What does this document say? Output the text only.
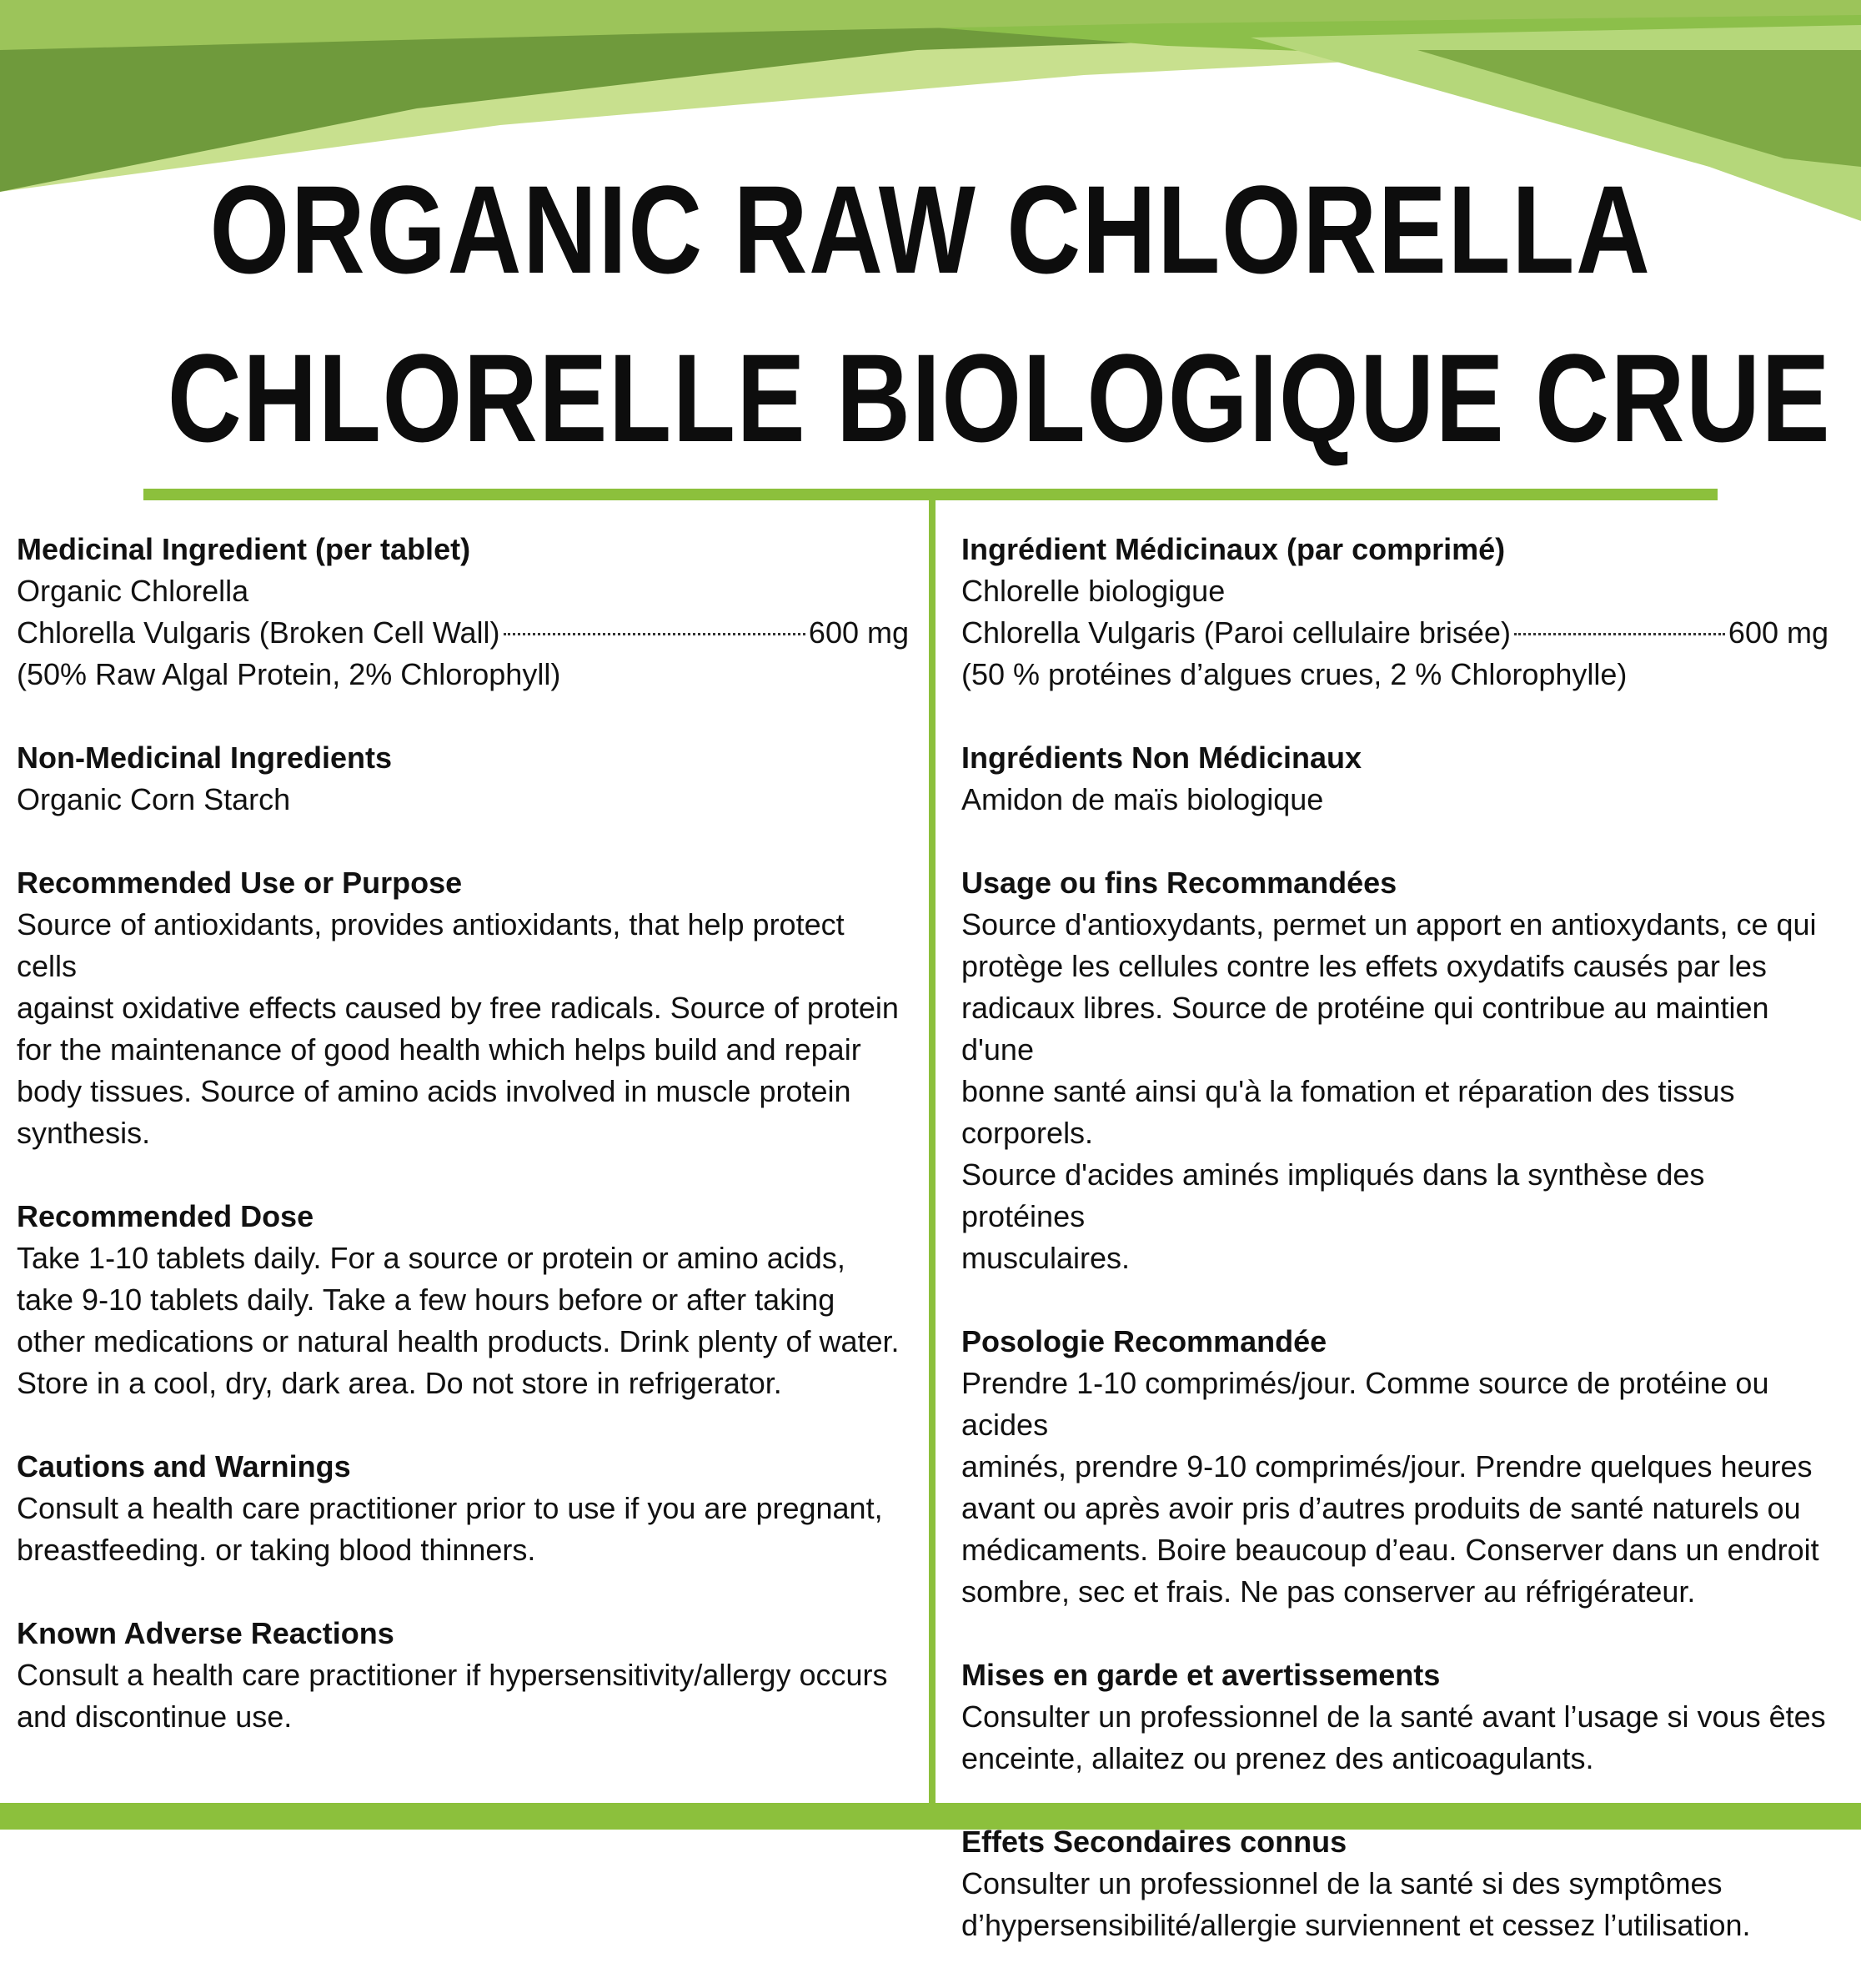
ORGANIC RAW CHLORELLA
CHLORELLE BIOLOGIQUE CRUE
Medicinal Ingredient (per tablet)
Organic Chlorella
Chlorella Vulgaris (Broken Cell Wall)	600 mg
(50% Raw Algal Protein, 2% Chlorophyll)
Non-Medicinal Ingredients
Organic Corn Starch
Recommended Use or Purpose
Source of antioxidants, provides antioxidants, that help protect cells
against oxidative effects caused by free radicals. Source of protein
for the maintenance of good health which helps build and repair
body tissues. Source of amino acids involved in muscle protein
synthesis.
Recommended Dose
Take 1-10 tablets daily. For a source or protein or amino acids,
take 9-10 tablets daily. Take a few hours before or after taking
other medications or natural health products. Drink plenty of water.
Store in a cool, dry, dark area. Do not store in refrigerator.
Cautions and Warnings
Consult a health care practitioner prior to use if you are pregnant,
breastfeeding. or taking blood thinners.
Known Adverse Reactions
Consult a health care practitioner if hypersensitivity/allergy occurs
and discontinue use.
Ingrédient Médicinaux (par comprimé)
Chlorelle biologigue
Chlorella Vulgaris (Paroi cellulaire brisée)	600 mg
(50 % protéines d’algues crues, 2 % Chlorophylle)
Ingrédients Non Médicinaux
Amidon de maïs biologique
Usage ou fins Recommandées
Source d'antioxydants, permet un apport en antioxydants, ce qui
protège les cellules contre les effets oxydatifs causés par les
radicaux libres. Source de protéine qui contribue au maintien d'une
bonne santé ainsi qu'à la fomation et réparation des tissus corporels.
Source d'acides aminés impliqués dans la synthèse des protéines
musculaires.
Posologie Recommandée
Prendre 1-10 comprimés/jour. Comme source de protéine ou acides
aminés, prendre 9-10 comprimés/jour. Prendre quelques heures
avant ou après avoir pris d’autres produits de santé naturels ou
médicaments. Boire beaucoup d’eau. Conserver dans un endroit
sombre, sec et frais. Ne pas conserver au réfrigérateur.
Mises en garde et avertissements
Consulter un professionnel de la santé avant l’usage si vous êtes
enceinte, allaitez ou prenez des anticoagulants.
Effets Secondaires connus
Consulter un professionnel de la santé si des symptômes
d’hypersensibilité/allergie surviennent et cessez l’utilisation.
